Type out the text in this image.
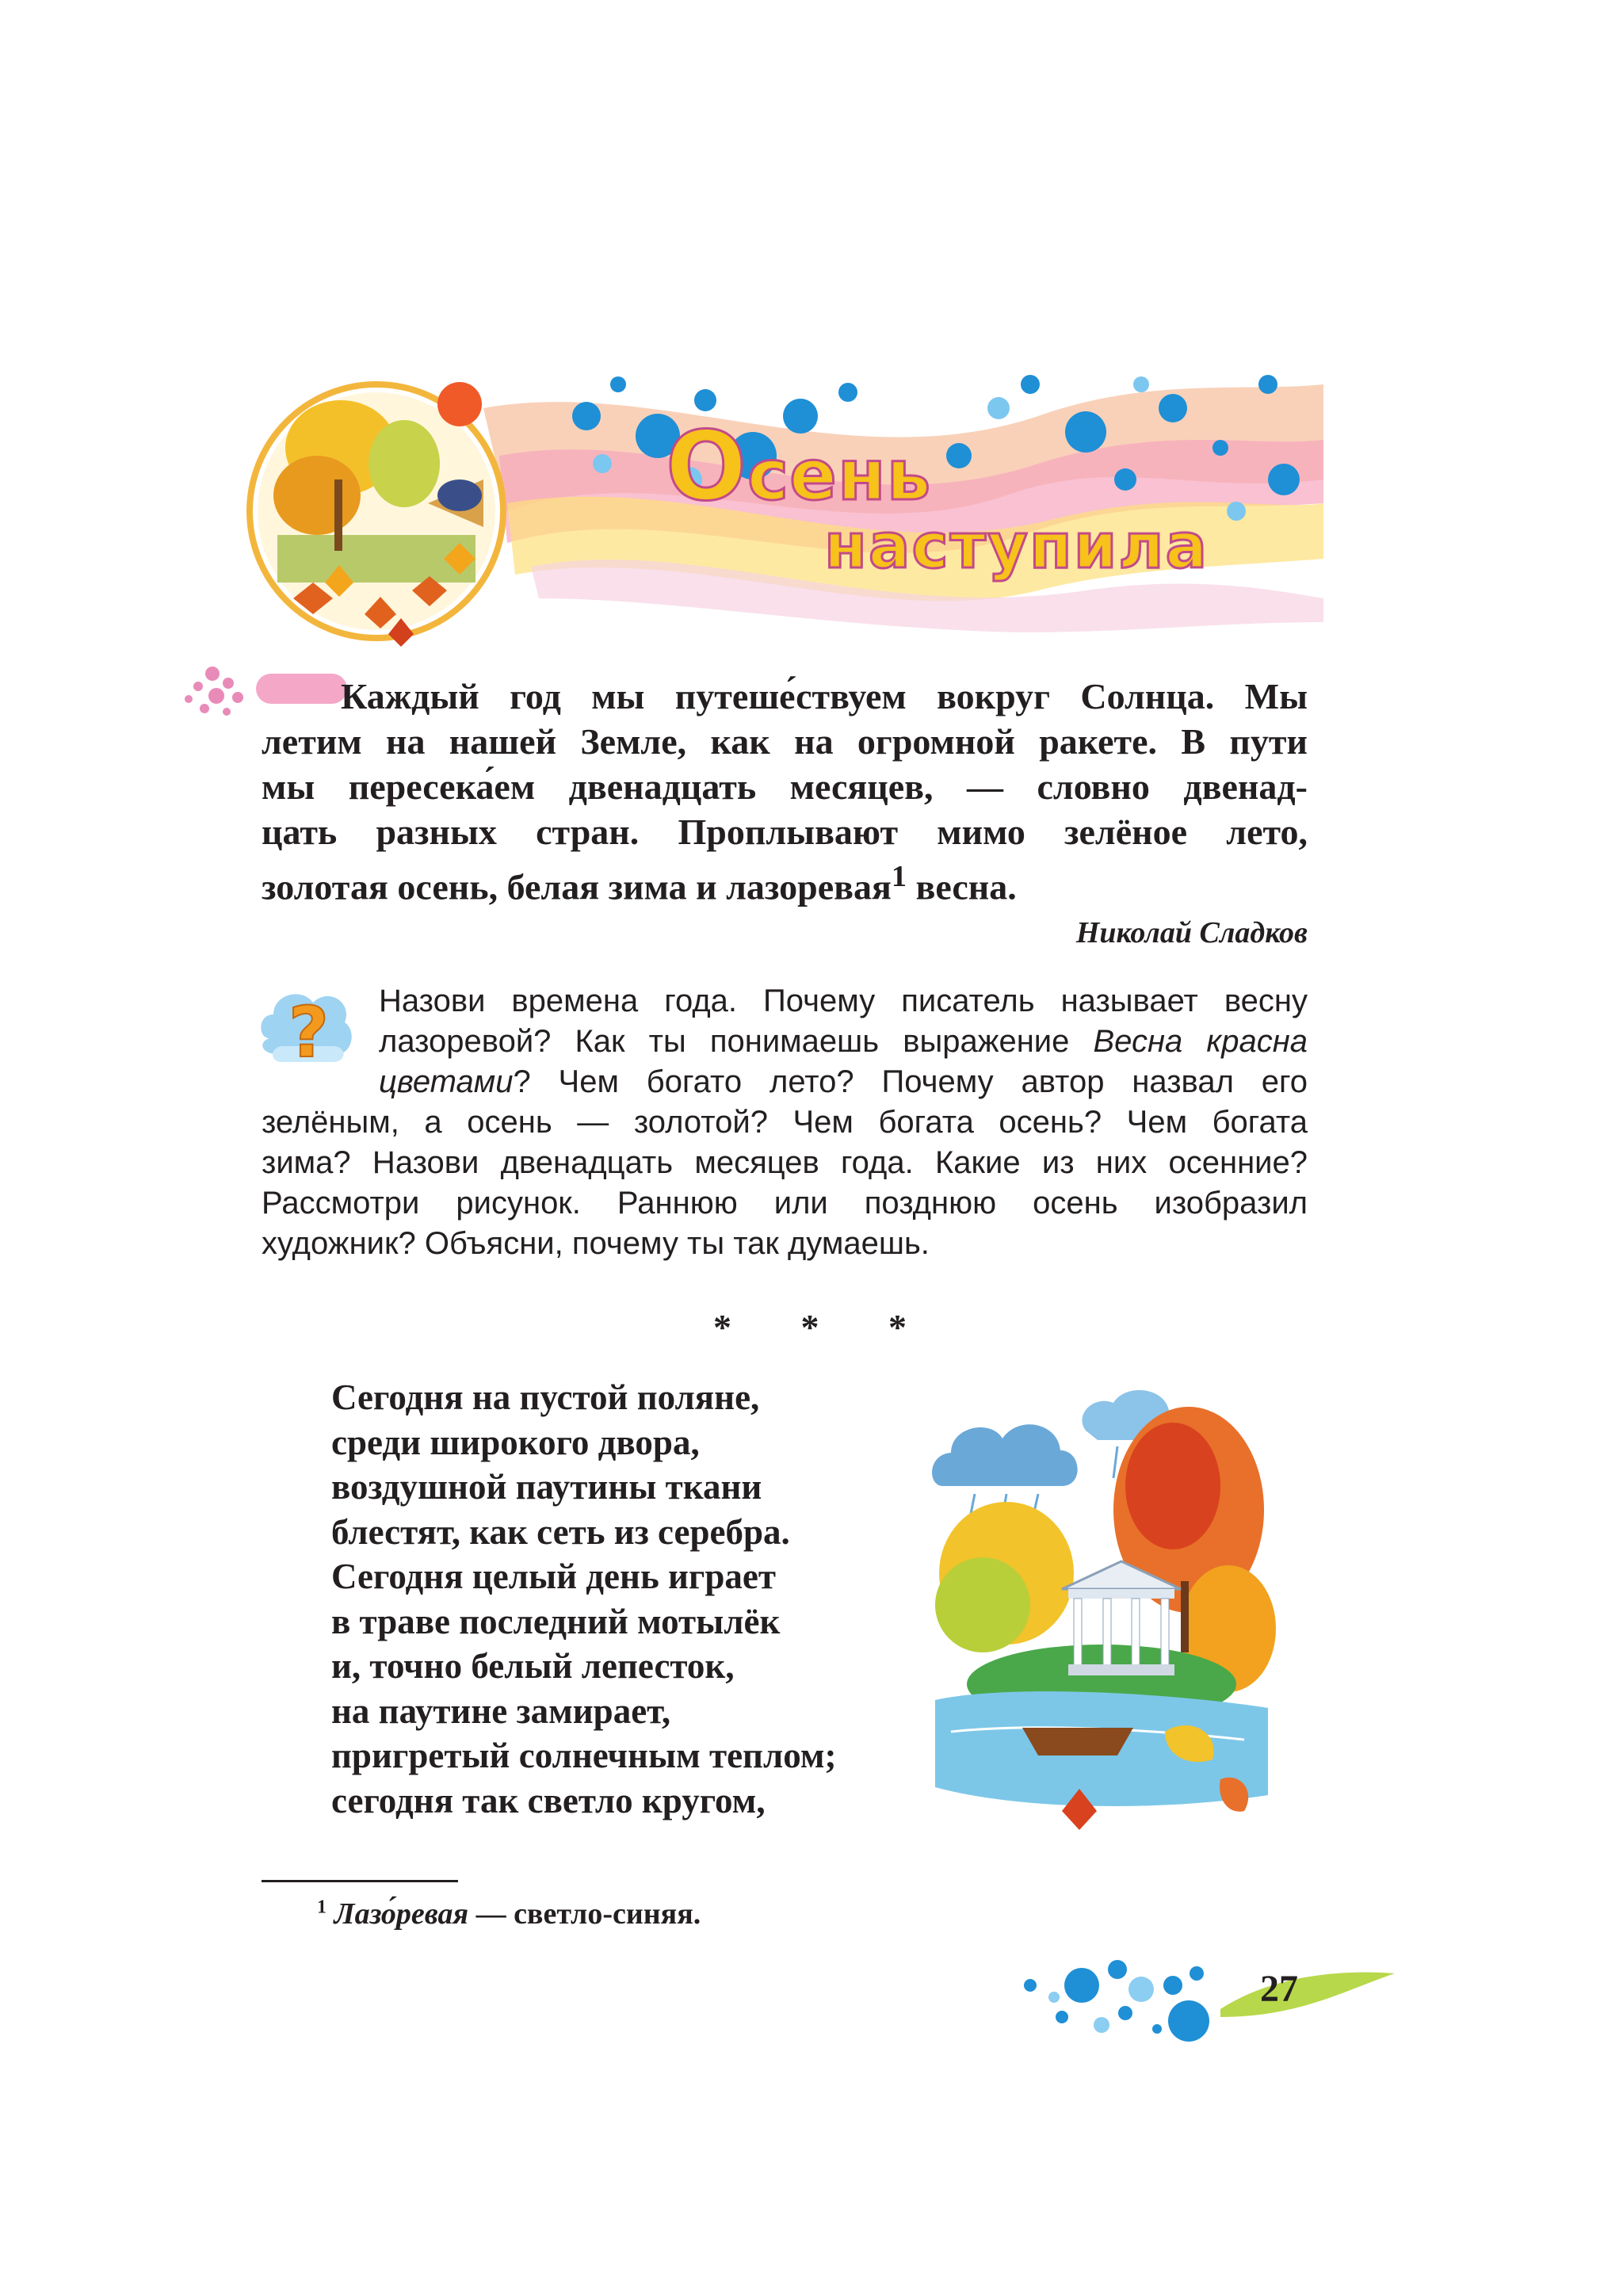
Осень
наступила
Каждый год мы путеше́ствуем вокруг Солнца. Мы
летим на нашей Земле, как на огромной ракете. В пути
мы пересека́ем двенадцать месяцев, — словно двенад-
цать разных стран. Проплывают мимо зелёное лето,
золотая осень, белая зима и лазоревая$^1$ весна.
Николай Сладков
? Назови времена года. Почему писатель называет весну
лазоревой? Как ты понимаешь выражение Весна красна
цветами? Чем богато лето? Почему автор назвал его
зелёным, а осень — золотой? Чем богата осень? Чем богата
зима? Назови двенадцать месяцев года. Какие из них осенние?
Рассмотри рисунок. Раннюю или позднюю осень изобразил
художник? Объясни, почему ты так думаешь.
* * *
Сегодня на пустой поляне,
среди широкого двора,
воздушной паутины ткани
блестят, как сеть из серебра.
Сегодня целый день играет
в траве последний мотылёк
и, точно белый лепесток,
на паутине замирает,
пригретый солнечным теплом;
сегодня так светло кругом,
$^1$ Лазо́ревая — светло-синяя.
27
